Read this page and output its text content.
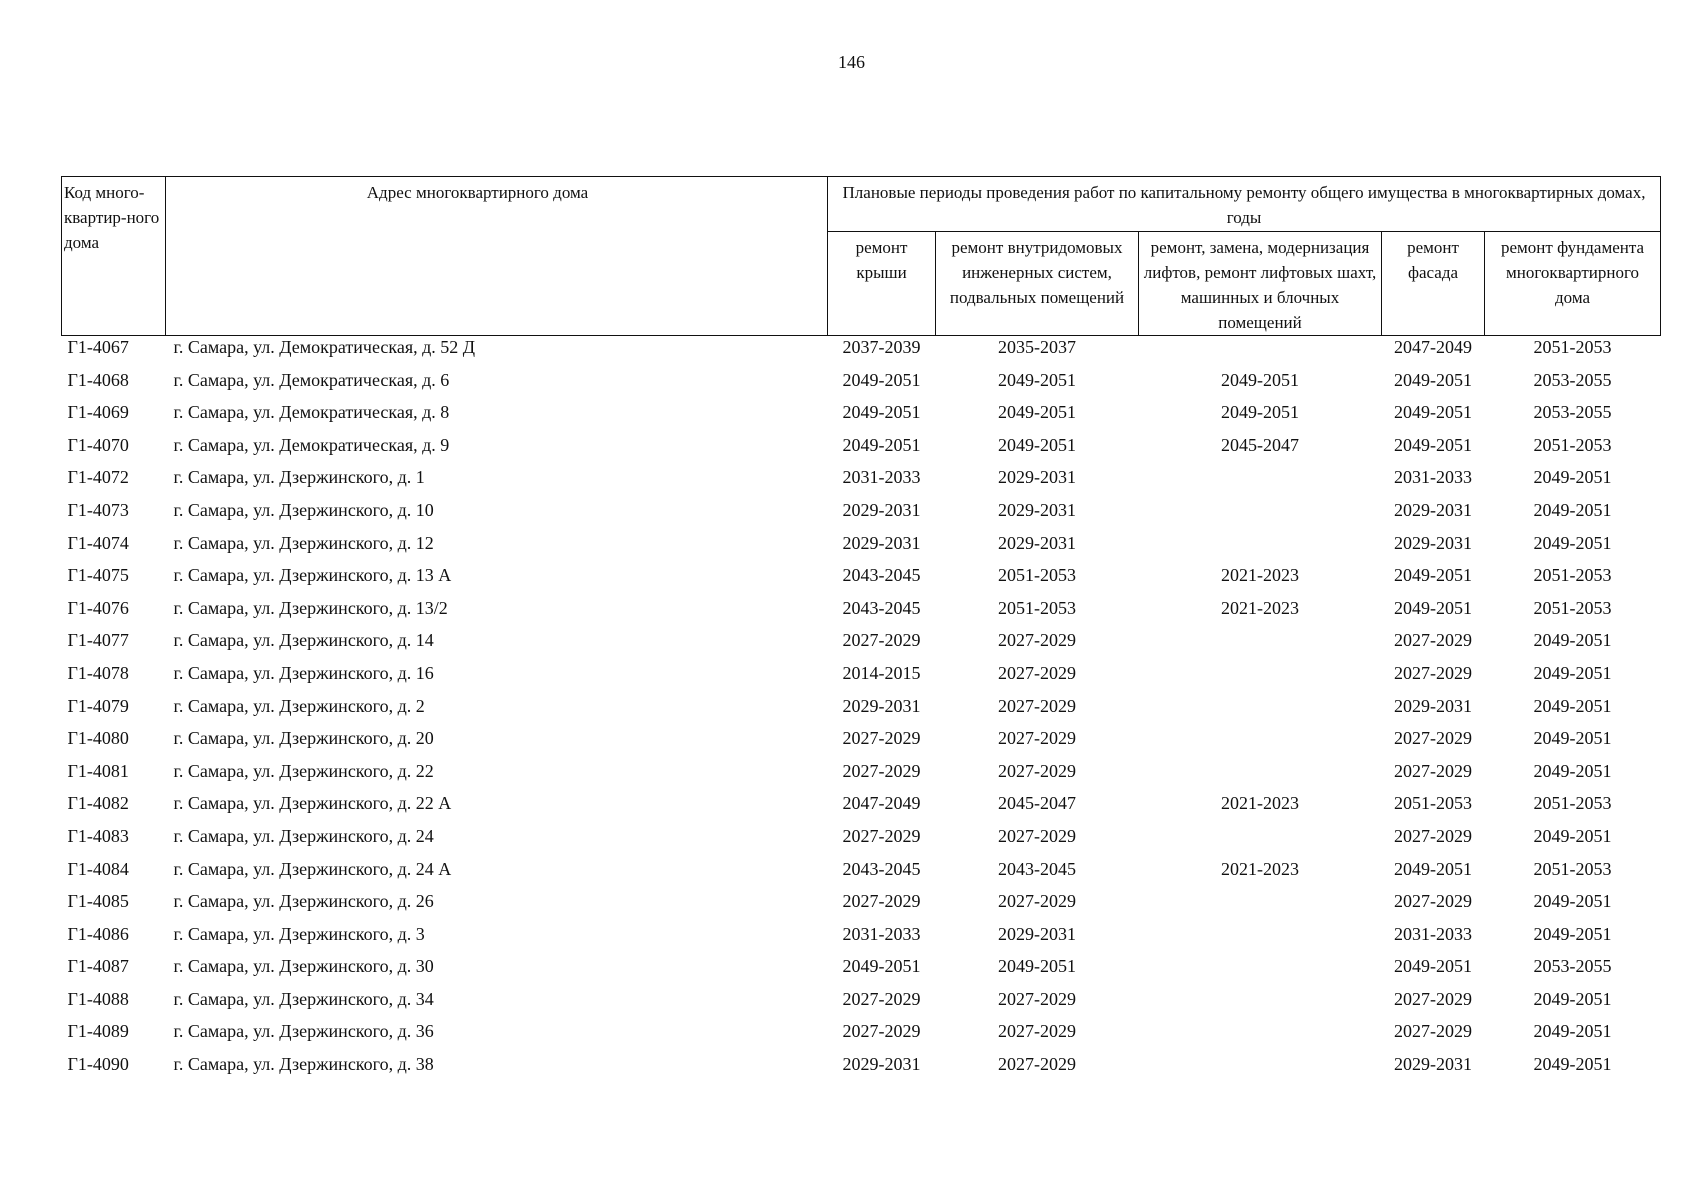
146
Код много-квартир-ного дома	Адрес многоквартирного дома	Плановые периоды проведения работ по капитальному ремонту общего имущества в многоквартирных домах, годы				
		ремонт крыши	ремонт внутридомовых инженерных систем, подвальных помещений	ремонт, замена, модернизация лифтов, ремонт лифтовых шахт, машинных и блочных помещений	ремонт фасада	ремонт фундамента многоквартирного дома
Г1-4067	г. Самара, ул. Демократическая, д. 52 Д	2037-2039	2035-2037		2047-2049	2051-2053
Г1-4068	г. Самара, ул. Демократическая, д. 6	2049-2051	2049-2051	2049-2051	2049-2051	2053-2055
Г1-4069	г. Самара, ул. Демократическая, д. 8	2049-2051	2049-2051	2049-2051	2049-2051	2053-2055
Г1-4070	г. Самара, ул. Демократическая, д. 9	2049-2051	2049-2051	2045-2047	2049-2051	2051-2053
Г1-4072	г. Самара, ул. Дзержинского, д. 1	2031-2033	2029-2031		2031-2033	2049-2051
Г1-4073	г. Самара, ул. Дзержинского, д. 10	2029-2031	2029-2031		2029-2031	2049-2051
Г1-4074	г. Самара, ул. Дзержинского, д. 12	2029-2031	2029-2031		2029-2031	2049-2051
Г1-4075	г. Самара, ул. Дзержинского, д. 13 А	2043-2045	2051-2053	2021-2023	2049-2051	2051-2053
Г1-4076	г. Самара, ул. Дзержинского, д. 13/2	2043-2045	2051-2053	2021-2023	2049-2051	2051-2053
Г1-4077	г. Самара, ул. Дзержинского, д. 14	2027-2029	2027-2029		2027-2029	2049-2051
Г1-4078	г. Самара, ул. Дзержинского, д. 16	2014-2015	2027-2029		2027-2029	2049-2051
Г1-4079	г. Самара, ул. Дзержинского, д. 2	2029-2031	2027-2029		2029-2031	2049-2051
Г1-4080	г. Самара, ул. Дзержинского, д. 20	2027-2029	2027-2029		2027-2029	2049-2051
Г1-4081	г. Самара, ул. Дзержинского, д. 22	2027-2029	2027-2029		2027-2029	2049-2051
Г1-4082	г. Самара, ул. Дзержинского, д. 22 А	2047-2049	2045-2047	2021-2023	2051-2053	2051-2053
Г1-4083	г. Самара, ул. Дзержинского, д. 24	2027-2029	2027-2029		2027-2029	2049-2051
Г1-4084	г. Самара, ул. Дзержинского, д. 24 А	2043-2045	2043-2045	2021-2023	2049-2051	2051-2053
Г1-4085	г. Самара, ул. Дзержинского, д. 26	2027-2029	2027-2029		2027-2029	2049-2051
Г1-4086	г. Самара, ул. Дзержинского, д. 3	2031-2033	2029-2031		2031-2033	2049-2051
Г1-4087	г. Самара, ул. Дзержинского, д. 30	2049-2051	2049-2051		2049-2051	2053-2055
Г1-4088	г. Самара, ул. Дзержинского, д. 34	2027-2029	2027-2029		2027-2029	2049-2051
Г1-4089	г. Самара, ул. Дзержинского, д. 36	2027-2029	2027-2029		2027-2029	2049-2051
Г1-4090	г. Самара, ул. Дзержинского, д. 38	2029-2031	2027-2029		2029-2031	2049-2051
